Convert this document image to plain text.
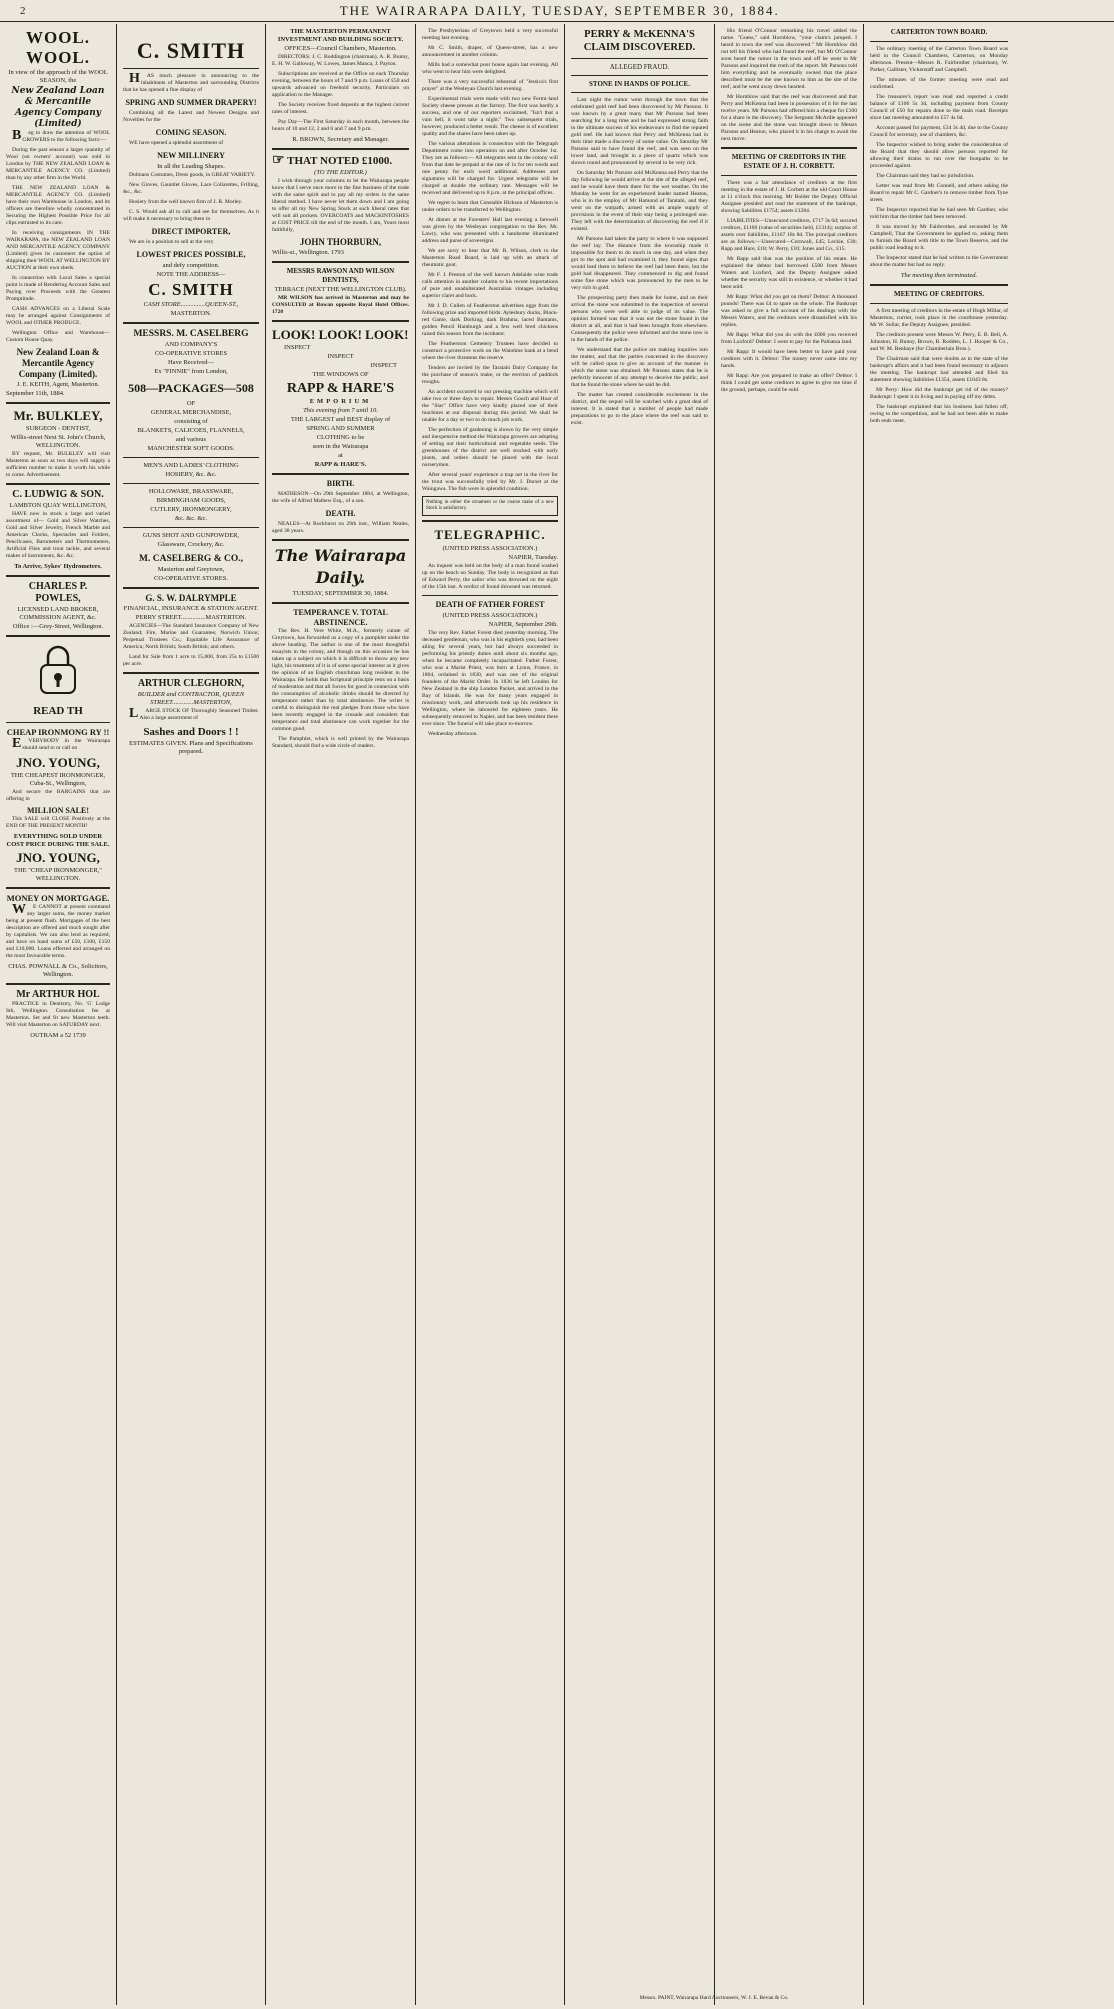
2	THE WAIRARAPA DAILY, TUESDAY, SEPTEMBER 30, 1884.
WOOL. WOOL.
In view of the approach of the WOOL SEASON, the
New Zealand Loan & Mercantile Agency Company (Limited)

Beg to draw the attention of WOOL GROWERS to the following facts:—

During the past season a larger quantity of Wool (on owners' account) was sold in London by THE NEW ZEALAND LOAN & MERCANTILE AGENCY CO. (Limited) than by any other firm in the World.

THE NEW ZEALAND LOAN & MERCANTILE AGENCY CO. (Limited) have their own Warehouse in London, and its officers are therefore wholly concentrated in Securing the Highest Possible Price for all clips entrusted to its care.

In receiving consignments IN THE WAIRARAPA, the NEW ZEALAND LOAN AND MERCANTILE AGENCY COMPANY (Limited) gives its customers the option of shipping their WOOL AT WELLINGTON BY AUCTION at their own sheds.

In connection with Local Sales a special point is made of Rendering Account Sales and Paying over Proceeds with the Greatest Promptitude.

CASH ADVANCES on a Liberal Scale may be arranged against Consignments of WOOL and OTHER PRODUCE.

Wellington Office and Warehouse—Custom House Quay.

New Zealand Loan & Mercantile Agency Company (Limited).
J. E. KEITH, Agent, Masterton.
September 11th, 1884.
Mr. BULKLEY,
SURGEON - DENTIST,
Willis-street Next St. John's Church, WELLINGTON.

BY request, Mr. BULKLEY will visit Masterton as soon as two days will supply a sufficient number to make it worth his while to come. Advertisement.

C. LUDWIG & SON.
LAMBTON QUAY WELLINGTON,

HAVE now in stock a large and varied assortment of— Gold and Silver Watches, Gold and Silver Jewelry, French Marble and American Clocks, Spectacles and Folders, Pencilcases, Barometers and Thermometers, Artificial Flies and trout tackle, and several makes of instruments, &c. &c.

To Arrive, Sykes' Hydrometers.
CHARLES P. POWLES,
LICENSED LAND BROKER, COMMISSION AGENT, &c.
Office :—Grey-Street, Wellington.
READ TH
CHEAP IRONMONG RY !!

EVERYBODY in the Wairarapa should send to or call on

JNO. YOUNG,
THE CHEAPEST IRONMONGER, Cuba-St., Wellington,

And secure the BARGAINS that are offering in

MILLION SALE!

This SALE will CLOSE Positively at the END OF THE PRESENT MONTH!

EVERYTHING SOLD UNDER COST PRICE DURING THE SALE.
JNO. YOUNG,
THE "CHEAP IRONMONGER," WELLINGTON.
MONEY ON MORTGAGE.

WE CANNOT at present command any larger sums, the money market being at present flush. Mortgages of the best description are offered and much sought after by capitalists. We can also lend as required, and have on hand sums of £50, £100, £150 and £10,000. Loans effected and arranged on the most favourable terms.

CHAS. POWNALL & Co., Solicitors, Wellington.
Mr ARTHUR HOL

PRACTICE in Dentistry, No. 'G' Lodge Sth, Wellington. Consultation fee at Masterton. Set and fit new Masterton teeth. Will visit Masterton on SATURDAY next.

OUTRAM a 52 1739
C. SMITH

HAS much pleasure in announcing to the inhabitants of Masterton and surrounding Districts that he has opened a fine display of

SPRING AND SUMMER DRAPERY!

Combining all the Latest and Newest Designs and Novelties for the

COMING SEASON.

WE have opened a splendid assortment of

NEW MILLINERY
In all the Leading Shapes.

Dolmans Costumes, Dress goods, in GREAT VARIETY.

New Gloves, Gauntlet Gloves, Lace Collarettes, Frilling, &c., &c.

Hosiery from the well known firm of J. R. Morley.

C. S. Would ask all to call and see for themselves. As it will make it necessary to bring them in

DIRECT IMPORTER,

We are in a position to sell at the very

LOWEST PRICES POSSIBLE,
and defy competition.
NOTE THE ADDRESS—
C. SMITH
CASH STORE...............QUEEN-ST.,
MASTERTON.
MESSRS. M. CASELBERG
AND COMPANY'S
CO-OPERATIVE STORES
Have Received—
Ex "FINNIE" from London,
508—PACKAGES—508
OF
GENERAL MERCHANDISE,
consisting of
BLANKETS, CALICOES, FLANNELS,
and various
MANCHESTER SOFT GOODS.
MEN'S AND LADIES' CLOTHING
HOSIERY, &c. &c.
HOLLOWARE, BRASSWARE,
BIRMINGHAM GOODS,
CUTLERY, IRONMONGERY,
&c. &c. &c.
GUNS SHOT AND GUNPOWDER,
Glassware, Crockery, &c.
M. CASELBERG & CO.,
Masterton and Greytown,
CO-OPERATIVE STORES.
G. S. W. DALRYMPLE
FINANCIAL, INSURANCE & STATION AGENT.
PERRY STREET...............MASTERTON.

AGENCIES—The Standard Insurance Company of New Zealand; Fire, Marine and Guarantee; Norwich Union; Perpetual Trustees Co.; Equitable Life Assurance of America; North British; South British; and others.

Land for Sale from 1 acre to 15,000, from 25s to £1500 per acre.

ARTHUR CLEGHORN,
BUILDER and CONTRACTOR, QUEEN STREET.............MASTERTON,

LARGE STOCK OF Thoroughly Seasoned Timber. Also a large assortment of

Sashes and Doors ! !
ESTIMATES GIVEN. Plans and Specifications prepared.
THE MASTERTON PERMANENT INVESTMENT AND BUILDING SOCIETY.
OFFICES—Council Chambers, Masterton.

DIRECTORS: J. C. Boddington (chairman), A. R. Bunny, E. H. W. Galloway, W. Lowes, James Manca, J. Payton.

Subscriptions are received at the Office on each Thursday evening, between the hours of 7 and 9 p.m. Loans of £50 and upwards advanced on freehold security. Particulars on application to the Manager.

The Society receives fixed deposits at the highest current rates of interest.

Pay Day—The First Saturday in each month, between the hours of 10 and 12, 2 and 6 and 7 and 9 p.m.

R. BROWN, Secretary and Manager.
☞ THAT NOTED £1000.
(TO THE EDITOR.)

I wish through your columns to let the Wairarapa people know that I serve once more in the fine business of the trade with the same spirit and to pay all my orders in the same liberal method. I have never let them down and I am going to offer all my New Spring Stock at such liberal rates that will suit all pockets. OVERCOATS and MACKINTOSHES at COST PRICE till the end of the month. I am, Yours most faithfully,

JOHN THORBURN,
Willis-st., Wellington. 1793
MESSRS RAWSON AND WILSON DENTISTS,
TERRACE (NEXT THE WELLINGTON CLUB).

MR WILSON has arrived in Masterton and may be CONSULTED at Rowan opposite Royal Hotel Offices. 1720

LOOK! LOOK! LOOK!
INSPECT
INSPECT
INSPECT
THE WINDOWS OF
RAPP & HARE'S
EMPORIUM
This evening from 7 until 10.
THE LARGEST and BEST display of
SPRING AND SUMMER
CLOTHING to be
seen in the Wairarapa
at
RAPP & HARE'S.
BIRTH.

MATHESON—On 29th September 1884, at Wellington, the wife of Alfred Mathew Esq., of a son.

DEATH.

NEALES—At Rockhurst on 29th inst., William Neales, aged 38 years.

The Wairarapa Daily.
TUESDAY, SEPTEMBER 30, 1884.
TEMPERANCE V. TOTAL ABSTINENCE.

The Rev. H. Vere White, M.A., formerly curate of Greytown, has forwarded us a copy of a pamphlet under the above heading. The author is one of the most thoughtful essayists in the colony, and though on this occasion he has taken up a subject on which it is difficult to throw any new light, his treatment of it is of some special interest as it gives the opinion of an English churchman long resident in the Wairarapa. He holds that Scriptural principle rests on a basis of moderation and that all forces for good in connexion with the consumption of alcoholic drinks should be directed by temperance rather than by total abstinence. The writer is careful to distinguish the real pledges from those who have been recently engaged in the crusade and considers that temperance and total abstinence can work together for the common good.

The Pamphlet, which is well printed by the Wairarapa Standard, should find a wide circle of readers.

The Presbyterians of Greytown held a very successful meeting last evening.

Mr C. Smith, draper, of Queen-street, has a new announcement in another column.

Mills had a somewhat poor house again last evening. All who went to hear him were delighted.

There was a very successful rehearsal of "Jessica's first prayer" at the Wesleyan Church last evening.

Experimental trials were made with two new Fermi-land Society cheese presses at the factory. The first was hardly a success, and one of our reporters exclaimed, "Isn't that a vain hell, it wont take a night." Two subsequent trials, however, produced a better result. The cheese is of excellent quality and the shares have been taken up.

The various alterations in connection with the Telegraph Department come into operation on and after October 1st. They are as follows:— All telegrams sent in the colony will from that date be prepaid at the rate of 1s for ten words and one penny for each word additional. Addresses and signatures will be charged for. Urgent telegrams will be charged at double the ordinary rate. Messages will be received and delivered up to 8 p.m. at the principal offices.

We regret to learn that Constable Hickson of Masterton is under orders to be transferred to Wellington.

At dinner at the Foresters' Hall last evening a farewell was given by the Wesleyan congregation to the Rev. Mr. Lawry, who was presented with a handsome illuminated address and purse of sovereigns.

We are sorry to hear that Mr. R. Wilson, clerk to the Masterton Road Board, is laid up with an attack of rheumatic gout.

Mr F. J. Preston of the well known Adelaide wine trade calls attention in another column to his recent importations of pure and unadulterated Australian vintages including superior claret and hock.

Mr J. D. Cullen of Featherston advertises eggs from the following prize and imported birds: Aylesbury ducks, Black-red Game, dark Dorking, dark Brahma, laced Bantams, golden Pencil Hamburgh and a few well bred chickens raised this season from the incubator.

The Featherston Cemetery Trustees have decided to construct a protective work on the Waiohine bank at a bend where the river threatens the reserve.

Tenders are invited by the Taratahi Dairy Company for the purchase of season's make, or the erection of paddock troughs.

An accident occurred to our pressing machine which will take two or three days to repair. Messrs Gooch and Hoar of the "Star" Office have very kindly placed one of their machines at our disposal during this period. We shall be unable for a day or two to do much job work.

The perfection of gardening is shown by the very simple and inexpensive method the Wairarapa growers are adopting of setting out their horticultural and vegetable seeds. The greenhouses of the district are well stocked with early plants, and orders should be placed with the local nurserymen.

After several years' experience a trap net in the river for the trout was successfully tried by Mr. J. Dorset at the Waingawa. The fish were in splendid condition.

Nothing in either the ornament or the coarse make of a new Stock is satisfactory.
TELEGRAPHIC.
(UNITED PRESS ASSOCIATION.)
NAPIER, Tuesday.

An inquest was held on the body of a man found washed up on the beach on Sunday. The body is recognized as that of Edward Perry, the sailor who was drowned on the night of the 15th inst. A verdict of found drowned was returned.

DEATH OF FATHER FOREST
(UNITED PRESS ASSOCIATION.)
NAPIER, September 29th.

The very Rev. Father Forest died yesterday morning. The deceased gentleman, who was in his eightieth year, had been ailing for several years, but had always succeeded in performing his priestly duties until about six months ago, when he became completely incapacitated. Father Forest, who was a Marist Priest, was born at Lyons, France, in 1804, ordained in 1830, and was one of the original founders of the Marist Order. In 1836 he left London for New Zealand in the ship London Packet, and arrived in the Bay of Islands. He was for many years engaged in missionary work, and afterwards took up his residence in Wellington, where he laboured for eighteen years. He subsequently removed to Napier, and has been resident there ever since. The funeral will take place to-morrow.

Wednesday afternoon.

PERRY & McKENNA'S CLAIM DISCOVERED.
ALLEGED FRAUD.
STONE IN HANDS OF POLICE.

Last night the rumor went through the town that the celebrated gold reef had been discovered by Mr Parsons. It was known by a great many that Mr Parsons had been searching for a long time and he had expressed strong faith in the ultimate success of his endeavours to find the reputed gold reef. He had known that Perry and McKenna had in their time made a discovery of some value. On Saturday Mr Parsons said to have found the reef, and was seen on the lower land, and brought in a piece of quartz which was shown round and pronounced by several to be very rich.

On Saturday Mr Parsons sold McKenna and Perry that the day following he would arrive at the site of the alleged reef, and he would have them there for the wet weather. On the Monday he went for an experienced leader named Heaton, who is in the employ of Mr Hamond of Taratahi, and they went on the warpath, armed with an ample supply of provisions in the event of their stay being a prolonged one. They left with the determination of discovering the reef if it existed.

Mr Parsons had taken the party to where it was supposed the reef lay. The distance from the township made it impossible for them to do much in one day, and when they got to the spot and had examined it, they found signs that would lead them to believe the reef had been there, but the gold had disappeared. They commenced to dig and found some fine stone which was pronounced by the men to be very rich in gold.

The prospecting party then made for home, and on their arrival the stone was submitted to the inspection of several persons who were well able to judge of its value. The opinion formed was that it was not the stone found in the district at all, and that it had been brought from elsewhere. Consequently the police were informed and the stone now is in the hands of the police.

We understand that the police are making inquiries into the matter, and that the parties concerned in the discovery will be called upon to give an account of the manner in which the stone was obtained. Mr Parsons states that he is perfectly innocent of any attempt to deceive the public, and that he found the stone where he said he did.

The matter has created considerable excitement in the district, and the sequel will be watched with a great deal of interest. It is stated that a number of people had made preparations to go to the place where the reef was said to exist.

His friend O'Connor remarking his travel added the name. "Guess," said Hornblow, "your claim's jumped. I heard in town the reef was discovered." Mr Hornblow did not tell his friend who had found the reef, but Mr O'Connor soon heard the rumor in the town and off he went to Mr Parsons and inquired the truth of the report. Mr Parsons told him everything and he eventually owned that the place described must be the one known to him as the site of the reef, and he went away down hearted.

Mr Hornblow said that the reef was discovered and that Perry and McKenna had been in possession of it for the last twelve years. Mr Parsons had offered him a cheque for £100 for a share in the discovery. The Sergeant McArdle appeared on the scene and the stone was brought down to Messrs Parsons and Heaton, who placed it in his charge to await the next move.

MEETING OF CREDITORS IN THE ESTATE OF J. H. CORBETT.

There was a fair attendance of creditors at the first meeting in the estate of J. H. Corbett at the old Court House at 11 o'clock this morning. Mr Bolder the Deputy Official Assignee presided and read the statement of the bankrupt, showing liabilities £1754; assets £1284.

LIABILITIES—Unsecured creditors, £717 3s 6d; secured creditors, £1160 (value of securities held, £1314); surplus of assets over liabilities, £1167 18s 8d. The principal creditors are as follows:—Unsecured—Cornwall, £45; Leckie, £30; Rapp and Hare, £18; W. Perry, £10; Jones and Co., £15.

Mr Rapp said that was the position of his estate. He explained the debtor had borrowed £500 from Messrs Waters and Luxford, and the Deputy Assignee asked whether the security was still in existence, or whether it had been sold.

Mr Rapp: What did you get on them? Debtor: A thousand pounds! There was £4 to spare on the whole. The Bankrupt was asked to give a full account of his dealings with the Messrs Waters, and the creditors were dissatisfied with his replies.

Mr Rapp: What did you do with the £600 you received from Luxford? Debtor: I went to pay for the Pahiatua land.

Mr Rapp: It would have been better to have paid your creditors with it. Debtor: The money never came into my hands.

Mr Rapp: Are you prepared to make an offer? Debtor: I think I could get some creditors to agree to give me time if the ground, perhaps, could be sold.

CARTERTON TOWN BOARD.

The ordinary meeting of the Carterton Town Board was held in the Council Chambers, Carterton, on Monday afternoon. Present—Messrs R. Fairbrother (chairman), W. Parker, Gallister, Vickerstaff and Campbell.

The minutes of the former meeting were read and confirmed.

The treasurer's report was read and reported a credit balance of £106 5s 3d, including payment from County Council of £50 for repairs done to the main road. Receipts since last meeting amounted to £57 4s 6d.

Account passed for payment, £34 3s 4d, due to the County Council for secretary, use of chambers, &c.

The Inspector wished to bring under the consideration of the Board that they should allow persons reported for allowing their drains to run over the footpaths to be proceeded against.

The Chairman said they had no jurisdiction.

Letter was read from Mr Connell, and others asking the Board to repair Mr C. Gardner's to remove timber from Tyne street.

The Inspector reported that he had seen Mr Gardner, who told him that the timber had been removed.

It was moved by Mr Fairbrother, and seconded by Mr Campbell, That the Government be applied to, asking them to furnish the Board with title to the Town Reserve, and the public road leading to it.

The Inspector stated that he had written to the Government about the matter but had no reply.

The meeting then terminated.
MEETING OF CREDITORS.

A first meeting of creditors in the estate of Hugh Millar, of Masterton, currier, took place in the courthouse yesterday. Mr W. Sollar, the Deputy Assignee, presided.

The creditors present were Messrs W. Perry, E. B. Bell, A. Johnston, H. Bunny, Brown, R. Rodden, L. J. Hooper & Co., and W. M. Renhaye (for Chamberlain Bros.).

The Chairman said that were doubts as to the state of the bankrupt's affairs and it had been found necessary to adjourn the meeting. The bankrupt had attended and filed his statement showing liabilities £1354, assets £1043 8s.

Mr Perry: How did the bankrupt get rid of the money? Bankrupt: I spent it in living and in paying off my debts.

The bankrupt explained that his business had fallen off, owing to the competition, and he had not been able to make both ends meet.

Messrs. PAINT, Wairarapa Hard Auctioneers, W. J. E. Bevan & Co.
